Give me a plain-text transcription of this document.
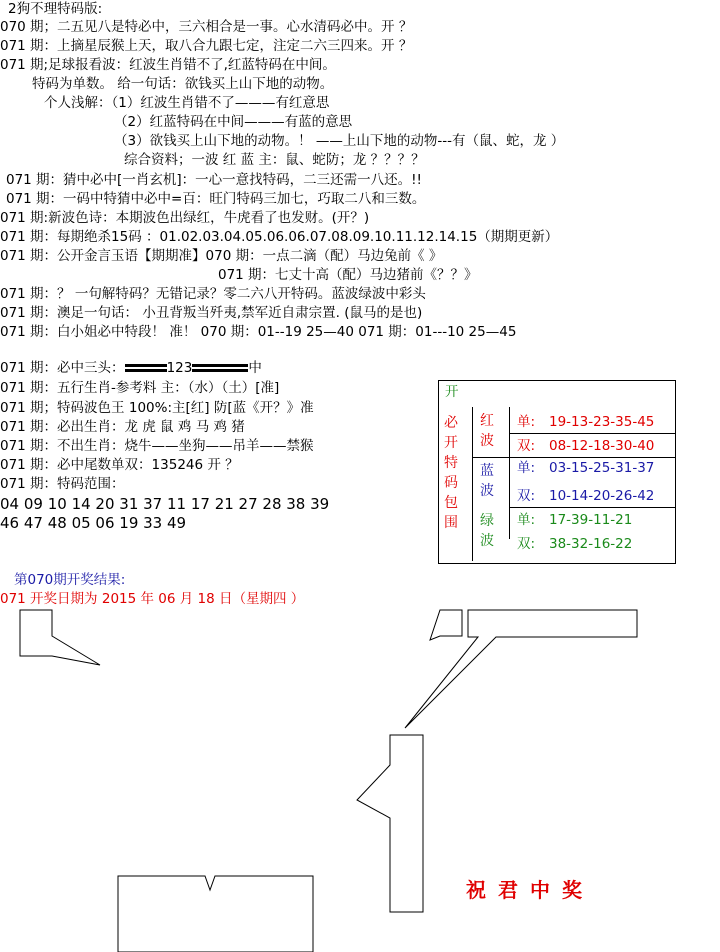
2狗不理特码版:
070 期；二五见八是特必中，三六相合是一事。心水清码必中。开 ？
071 期：上摘星辰猴上天，取八合九跟七定，注定二六三四来。开 ？
071 期;足球报看波：红波生肖错不了,红蓝特码在中间。
特码为单数。 给一句话：欲钱买上山下地的动物。
个人浅解：（1）红波生肖错不了———有红意思
（2）红蓝特码在中间———有蓝的意思
（3）欲钱买上山下地的动物。！ ——上山下地的动物---有（鼠、蛇，龙 ）
综合资料；一波 红 蓝 主：鼠、蛇防；龙 ？？？？
071 期：猜中必中[一肖玄机]：一心一意找特码，二三还需一八还。!!
071 期：一码中特猜中必中=百：旺门特码三加七，巧取二八和三数。
071 期:新波色诗：本期波色出绿红，牛虎看了也发财。(开？)
071 期：每期绝杀15码 ：01.02.03.04.05.06.06.07.08.09.10.11.12.14.15（期期更新）
071 期：公开金言玉语【期期准】070 期：一点二滴（配）马边兔前《 》
071 期：七丈十高（配）马边猪前《？？》
071 期：？ 一句解特码？无错记录？零二六八开特码。蓝波绿波中彩头
071 期：澳足一句话： 小丑背叛当歼夷,禁军近自肃宗置. (鼠马的是也)
071 期：白小姐必中特段！ 准！ 070 期：01--19 25—40 071 期：01---10 25—45
071 期：必中三头：	123	中
071 期：五行生肖-参考料 主：（水）（土）[准]
071 期；特码波色王 100%:主[红] 防[蓝《开？》准
071 期：必出生肖：龙 虎 鼠 鸡 马 鸡 猪
071 期：不出生肖：烧牛——坐狗——吊羊——禁猴
071 期：必中尾数单双：135246 开 ？
071 期：特码范围：
04 09 10 14 20 31 37 11 17 21 27 28 38 39
46 47 48 05 06 19 33 49
开
必开特码包围
红波
单: 19-13-23-35-45
双: 08-12-18-30-40
蓝波
单: 03-15-25-31-37
双: 10-14-20-26-42
绿波
单: 17-39-11-21
双: 38-32-16-22
第070期开奖结果:
071 开奖日期为 2015 年 06 月 18 日（星期四 ）
祝君中奖
